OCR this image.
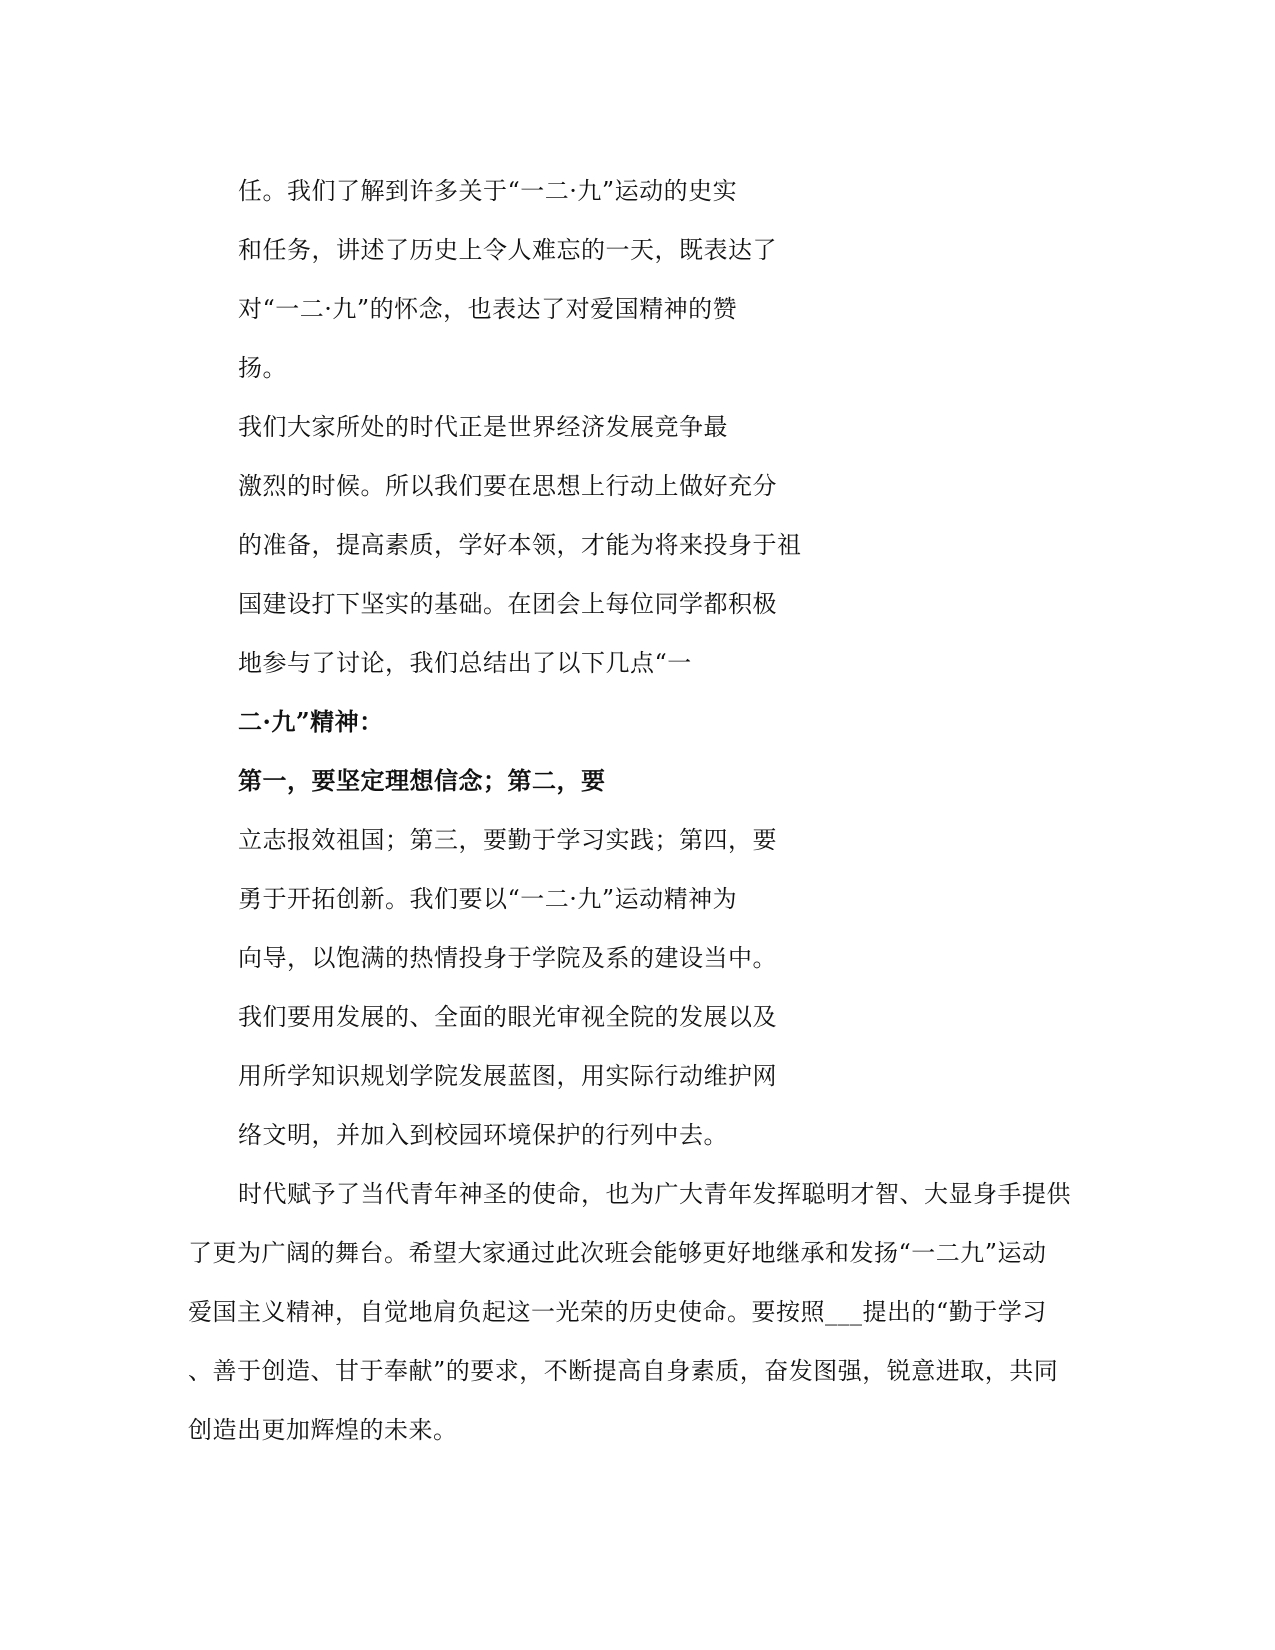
任。我们了解到许多关于“一二·九”运动的史实
和任务，讲述了历史上令人难忘的一天，既表达了
对“一二·九”的怀念，也表达了对爱国精神的赞
扬。
我们大家所处的时代正是世界经济发展竞争最
激烈的时候。所以我们要在思想上行动上做好充分
的准备，提高素质，学好本领，才能为将来投身于祖
国建设打下坚实的基础。在团会上每位同学都积极
地参与了讨论，我们总结出了以下几点“一
二·九”精神：
第一，要坚定理想信念；第二，要
立志报效祖国；第三，要勤于学习实践；第四，要
勇于开拓创新。我们要以“一二·九”运动精神为
向导，以饱满的热情投身于学院及系的建设当中。
我们要用发展的、全面的眼光审视全院的发展以及
用所学知识规划学院发展蓝图，用实际行动维护网
络文明，并加入到校园环境保护的行列中去。
时代赋予了当代青年神圣的使命，也为广大青年发挥聪明才智、大显身手提供
了更为广阔的舞台。希望大家通过此次班会能够更好地继承和发扬“一二九”运动
爱国主义精神，自觉地肩负起这一光荣的历史使命。要按照___提出的“勤于学习
、善于创造、甘于奉献”的要求，不断提高自身素质，奋发图强，锐意进取，共同
创造出更加辉煌的未来。
